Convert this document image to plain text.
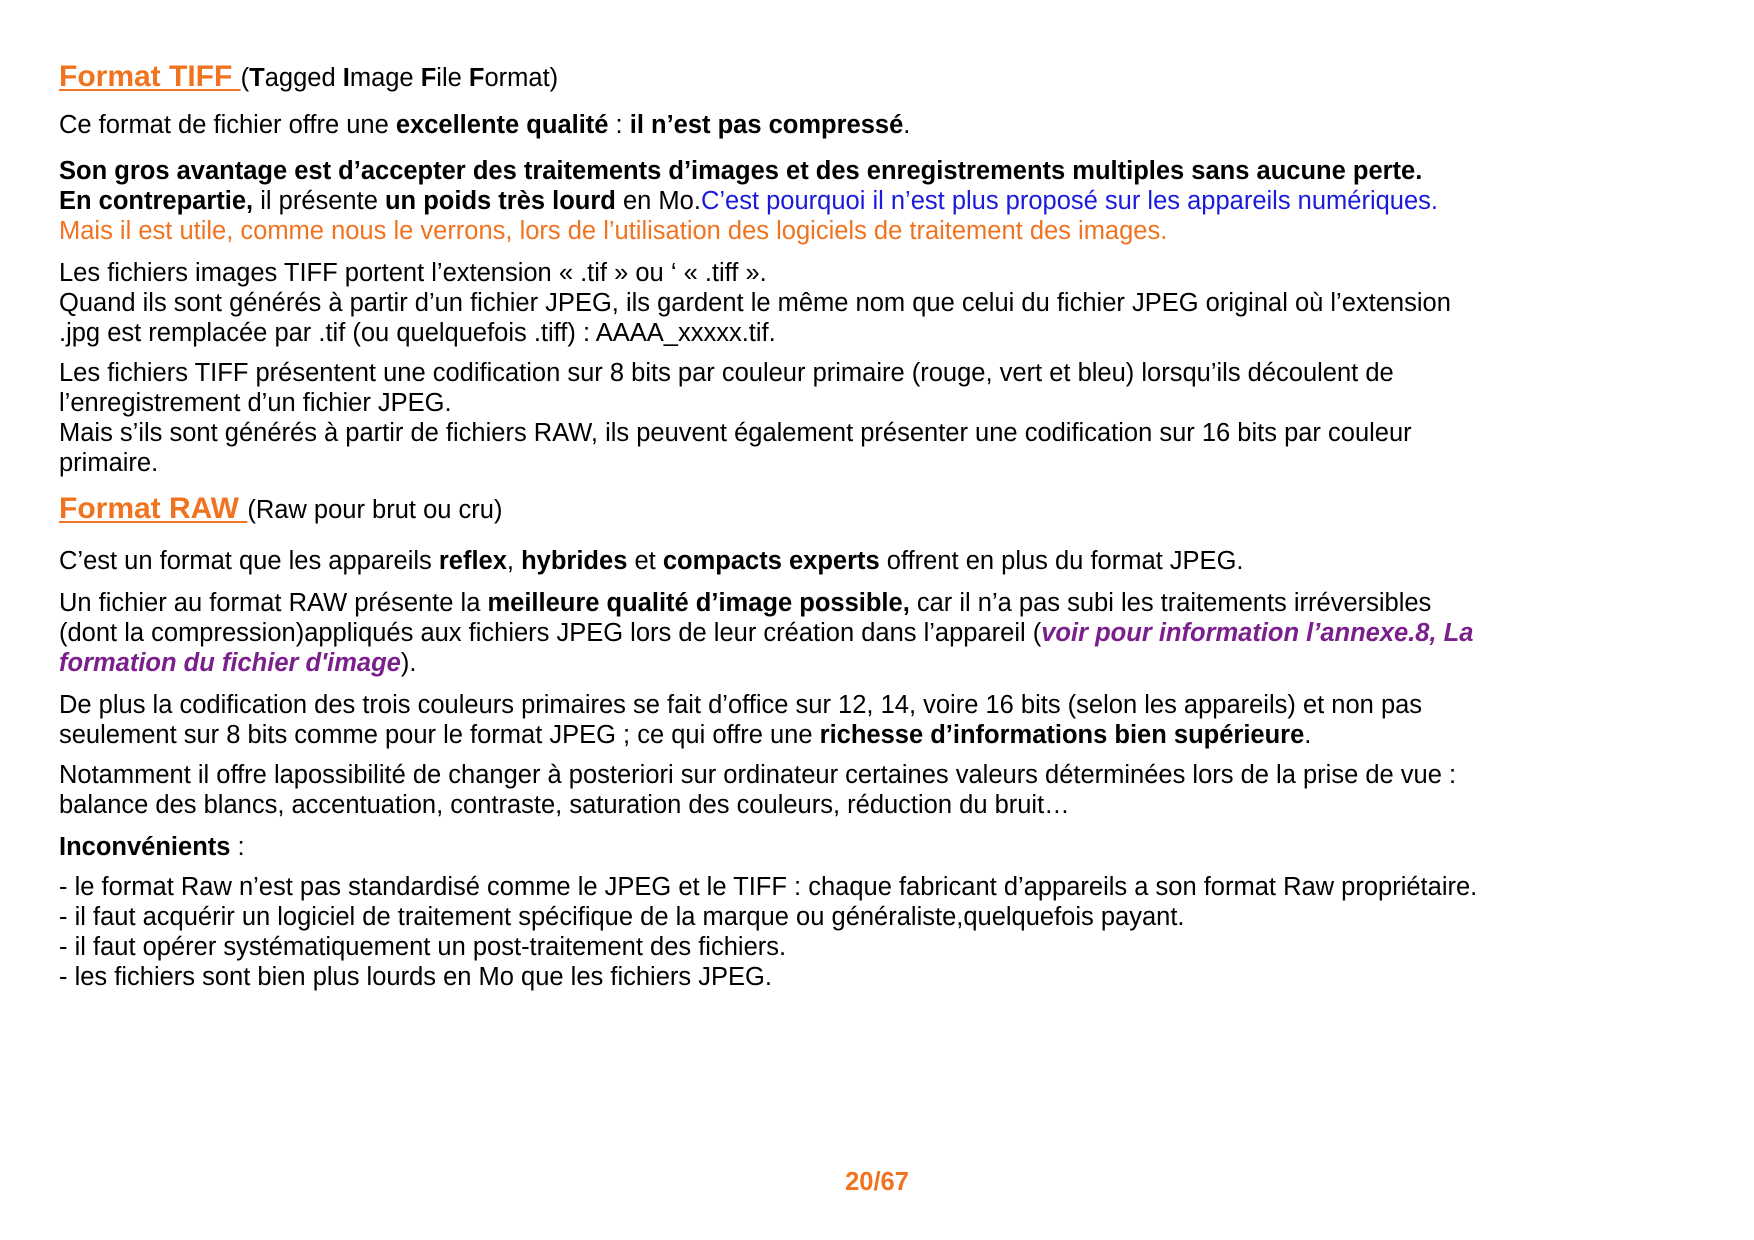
Format TIFF (Tagged Image File Format)
Ce format de fichier offre une excellente qualité : il n’est pas compressé.
Son gros avantage est d’accepter des traitements d’images et des enregistrements multiples sans aucune perte.
En contrepartie, il présente un poids très lourd en Mo.C’est pourquoi il n’est plus proposé sur les appareils numériques.
Mais il est utile, comme nous le verrons, lors de l’utilisation des logiciels de traitement des images.
Les fichiers images TIFF portent l’extension « .tif » ou ‘ « .tiff ».
Quand ils sont générés à partir d’un fichier JPEG, ils gardent le même nom que celui du fichier JPEG original où l’extension
.jpg est remplacée par .tif (ou quelquefois .tiff) : AAAA_xxxxx.tif.
Les fichiers TIFF présentent une codification sur 8 bits par couleur primaire (rouge, vert et bleu) lorsqu’ils découlent de
l’enregistrement d’un fichier JPEG.
Mais s’ils sont générés à partir de fichiers RAW, ils peuvent également présenter une codification sur 16 bits par couleur
primaire.
Format RAW (Raw pour brut ou cru)
C’est un format que les appareils reflex, hybrides et compacts experts offrent en plus du format JPEG.
Un fichier au format RAW présente la meilleure qualité d’image possible, car il n’a pas subi les traitements irréversibles
(dont la compression)appliqués aux fichiers JPEG lors de leur création dans l’appareil (voir pour information l’annexe.8, La
formation du fichier d'image).
De plus la codification des trois couleurs primaires se fait d’office sur 12, 14, voire 16 bits (selon les appareils) et non pas
seulement sur 8 bits comme pour le format JPEG ; ce qui offre une richesse d’informations bien supérieure.
Notamment il offre lapossibilité de changer à posteriori sur ordinateur certaines valeurs déterminées lors de la prise de vue :
balance des blancs, accentuation, contraste, saturation des couleurs, réduction du bruit…
Inconvénients :
- le format Raw n’est pas standardisé comme le JPEG et le TIFF : chaque fabricant d’appareils a son format Raw propriétaire.
- il faut acquérir un logiciel de traitement spécifique de la marque ou généraliste,quelquefois payant.
- il faut opérer systématiquement un post-traitement des fichiers.
- les fichiers sont bien plus lourds en Mo que les fichiers JPEG.
20/67
